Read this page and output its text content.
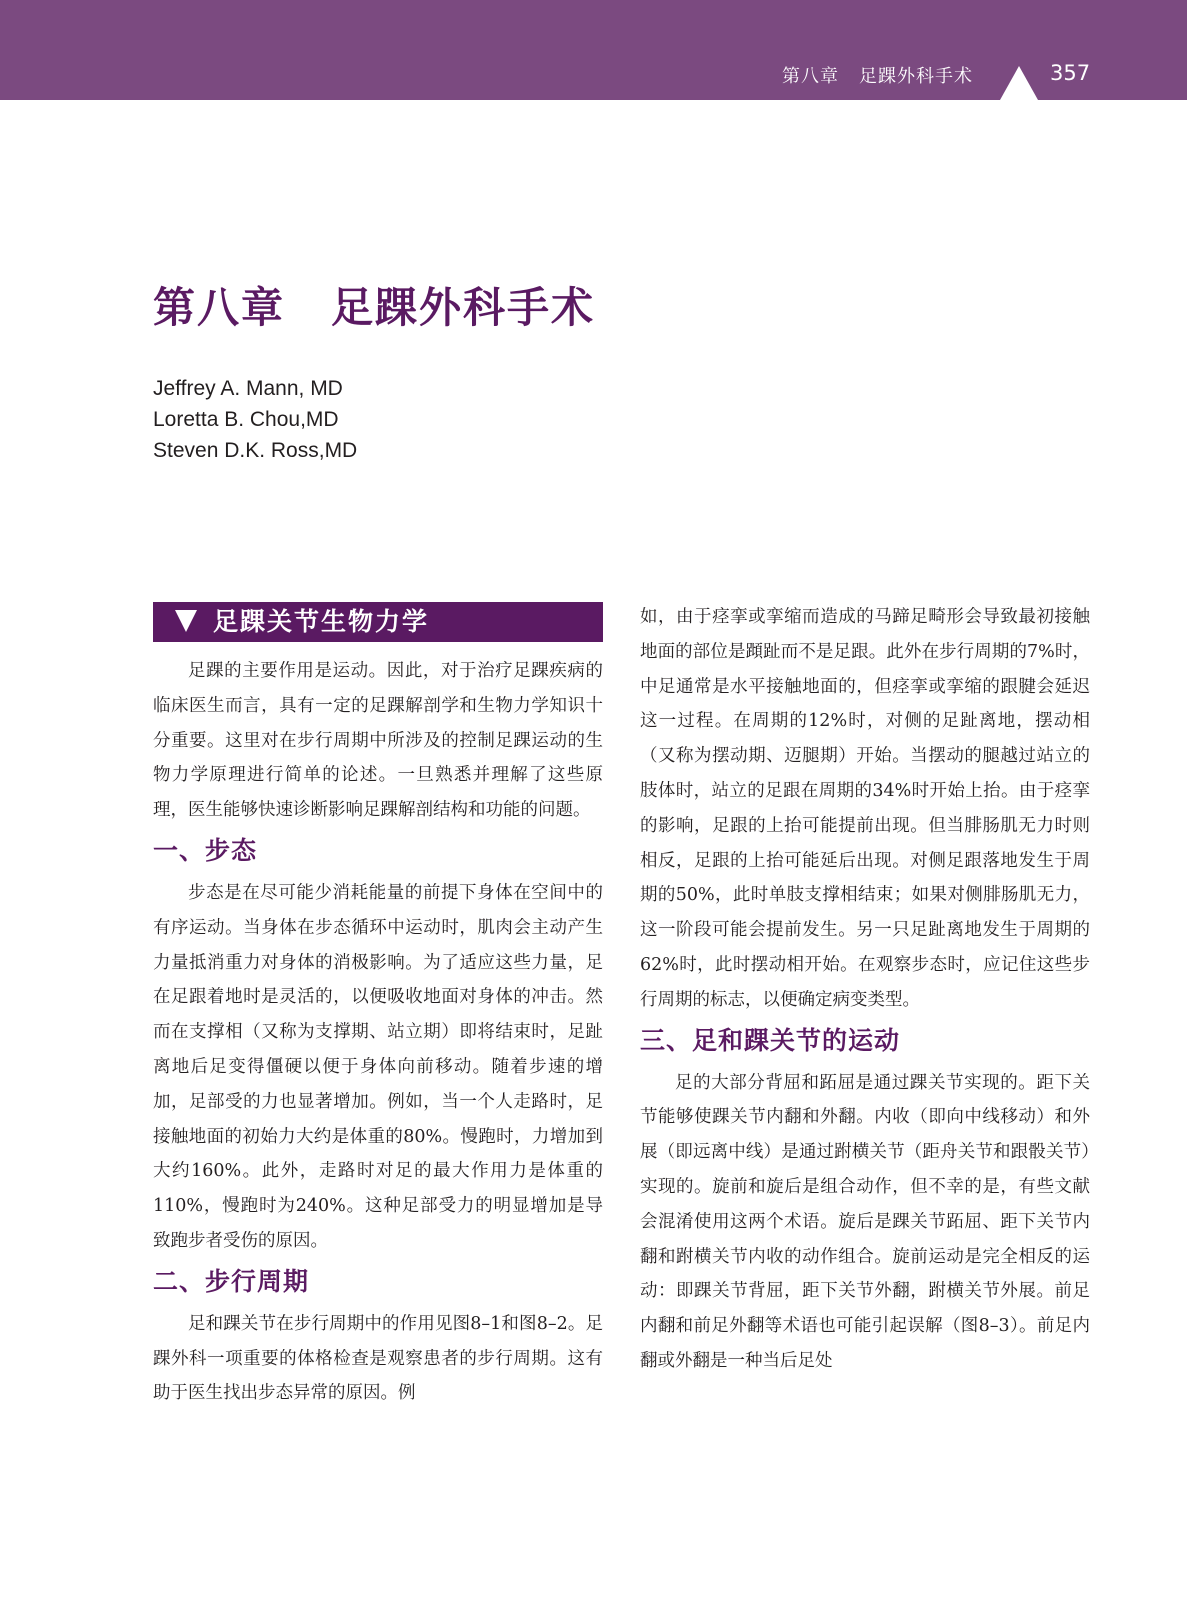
第八章 足踝外科手术	357
第八章 足踝外科手术
Jeffrey A. Mann, MD
Loretta B. Chou,MD
Steven D.K. Ross,MD
足踝关节生物力学

足踝的主要作用是运动。因此，对于治疗足踝疾病的临床医生而言，具有一定的足踝解剖学和生物力学知识十分重要。这里对在步行周期中所涉及的控制足踝运动的生物力学原理进行简单的论述。一旦熟悉并理解了这些原理，医生能够快速诊断影响足踝解剖结构和功能的问题。

一、步态

步态是在尽可能少消耗能量的前提下身体在空间中的有序运动。当身体在步态循环中运动时，肌肉会主动产生力量抵消重力对身体的消极影响。为了适应这些力量，足在足跟着地时是灵活的，以便吸收地面对身体的冲击。然而在支撑相（又称为支撑期、站立期）即将结束时，足趾离地后足变得僵硬以便于身体向前移动。随着步速的增加，足部受的力也显著增加。例如，当一个人走路时，足接触地面的初始力大约是体重的80%。慢跑时，力增加到大约160%。此外，走路时对足的最大作用力是体重的110%，慢跑时为240%。这种足部受力的明显增加是导致跑步者受伤的原因。

二、步行周期

足和踝关节在步行周期中的作用见图8–1和图8–2。足踝外科一项重要的体格检查是观察患者的步行周期。这有助于医生找出步态异常的原因。例

如，由于痉挛或挛缩而造成的马蹄足畸形会导致最初接触地面的部位是蹞趾而不是足跟。此外在步行周期的7%时，中足通常是水平接触地面的，但痉挛或挛缩的跟腱会延迟这一过程。在周期的12%时，对侧的足趾离地，摆动相（又称为摆动期、迈腿期）开始。当摆动的腿越过站立的肢体时，站立的足跟在周期的34%时开始上抬。由于痉挛的影响，足跟的上抬可能提前出现。但当腓肠肌无力时则相反，足跟的上抬可能延后出现。对侧足跟落地发生于周期的50%，此时单肢支撑相结束；如果对侧腓肠肌无力，这一阶段可能会提前发生。另一只足趾离地发生于周期的62%时，此时摆动相开始。在观察步态时，应记住这些步行周期的标志，以便确定病变类型。

三、足和踝关节的运动

足的大部分背屈和跖屈是通过踝关节实现的。距下关节能够使踝关节内翻和外翻。内收（即向中线移动）和外展（即远离中线）是通过跗横关节（距舟关节和跟骰关节）实现的。旋前和旋后是组合动作，但不幸的是，有些文献会混淆使用这两个术语。旋后是踝关节跖屈、距下关节内翻和跗横关节内收的动作组合。旋前运动是完全相反的运动：即踝关节背屈，距下关节外翻，跗横关节外展。前足内翻和前足外翻等术语也可能引起误解（图8–3）。前足内翻或外翻是一种当后足处
